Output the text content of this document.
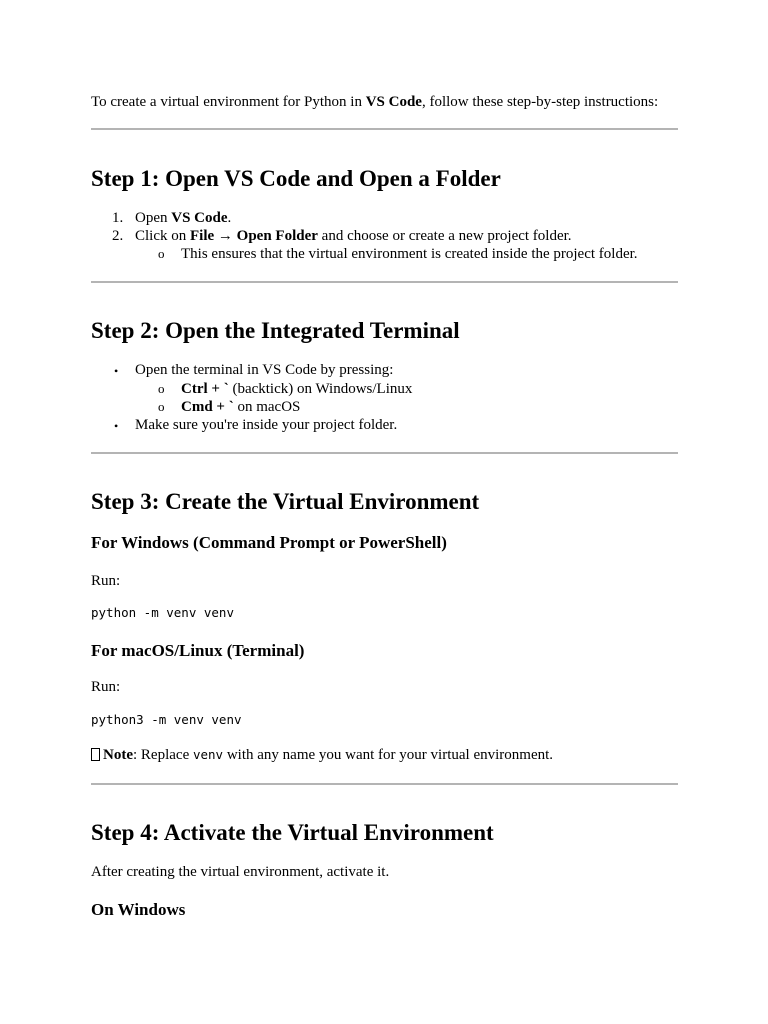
To create a virtual environment for Python in VS Code, follow these step-by-step instructions:

Step 1: Open VS Code and Open a Folder
1. Open VS Code.
2. Click on File → Open Folder and choose or create a new project folder.
o This ensures that the virtual environment is created inside the project folder.
Step 2: Open the Integrated Terminal
• Open the terminal in VS Code by pressing:
o Ctrl + ` (backtick) on Windows/Linux
o Cmd + ` on macOS
• Make sure you're inside your project folder.
Step 3: Create the Virtual Environment
For Windows (Command Prompt or PowerShell)

Run:

python -m venv venv
For macOS/Linux (Terminal)

Run:

python3 -m venv venv

Note: Replace venv with any name you want for your virtual environment.

Step 4: Activate the Virtual Environment

After creating the virtual environment, activate it.

On Windows
